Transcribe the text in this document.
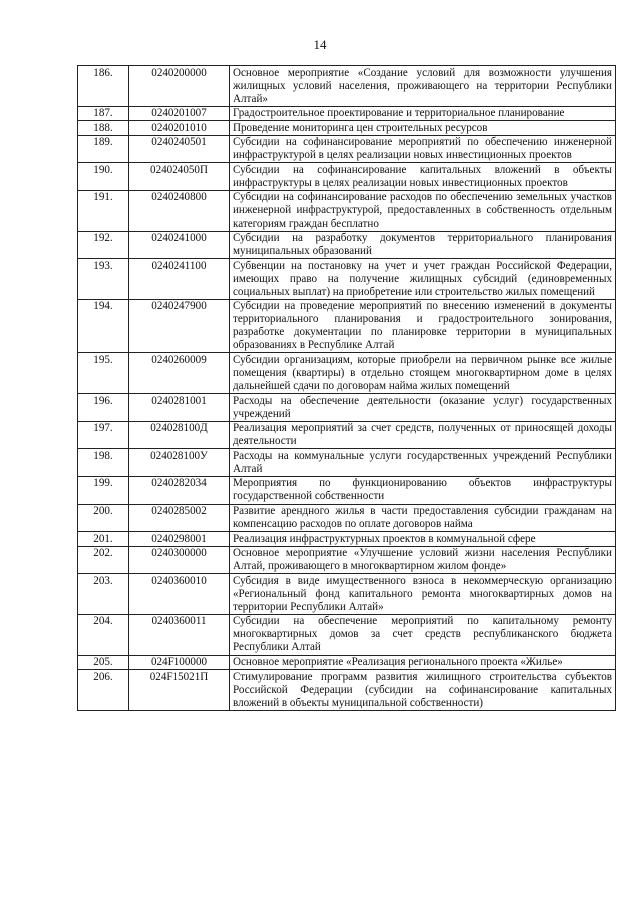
14
186.	0240200000	Основное мероприятие «Создание условий для возможности улучшения жилищных условий населения, проживающего на территории Республики Алтай»
187.	0240201007	Градостроительное проектирование и территориальное планирование
188.	0240201010	Проведение мониторинга цен строительных ресурсов
189.	0240240501	Субсидии на софинансирование мероприятий по обеспечению инженерной инфраструктурой в целях реализации новых инвестиционных проектов
190.	024024050П	Субсидии на софинансирование капитальных вложений в объекты инфраструктуры в целях реализации новых инвестиционных проектов
191.	0240240800	Субсидии на софинансирование расходов по обеспечению земельных участков инженерной инфраструктурой, предоставленных в собственность отдельным категориям граждан бесплатно
192.	0240241000	Субсидии на разработку документов территориального планирования муниципальных образований
193.	0240241100	Субвенции на постановку на учет и учет граждан Российской Федерации, имеющих право на получение жилищных субсидий (единовременных социальных выплат) на приобретение или строительство жилых помещений
194.	0240247900	Субсидии на проведение мероприятий по внесению изменений в документы территориального планирования и градостроительного зонирования, разработке документации по планировке территории в муниципальных образованиях в Республике Алтай
195.	0240260009	Субсидии организациям, которые приобрели на первичном рынке все жилые помещения (квартиры) в отдельно стоящем многоквартирном доме в целях дальнейшей сдачи по договорам найма жилых помещений
196.	0240281001	Расходы на обеспечение деятельности (оказание услуг) государственных учреждений
197.	024028100Д	Реализация мероприятий за счет средств, полученных от приносящей доходы деятельности
198.	024028100У	Расходы на коммунальные услуги государственных учреждений Республики Алтай
199.	0240282034	Мероприятия по функционированию объектов инфраструктуры государственной собственности
200.	0240285002	Развитие арендного жилья в части предоставления субсидии гражданам на компенсацию расходов по оплате договоров найма
201.	0240298001	Реализация инфраструктурных проектов в коммунальной сфере
202.	0240300000	Основное мероприятие «Улучшение условий жизни населения Республики Алтай, проживающего в многоквартирном жилом фонде»
203.	0240360010	Субсидия в виде имущественного взноса в некоммерческую организацию «Региональный фонд капитального ремонта многоквартирных домов на территории Республики Алтай»
204.	0240360011	Субсидии на обеспечение мероприятий по капитальному ремонту многоквартирных домов за счет средств республиканского бюджета Республики Алтай
205.	024F100000	Основное мероприятие «Реализация регионального проекта «Жилье»
206.	024F15021П	Стимулирование программ развития жилищного строительства субъектов Российской Федерации (субсидии на софинансирование капитальных вложений в объекты муниципальной собственности)
